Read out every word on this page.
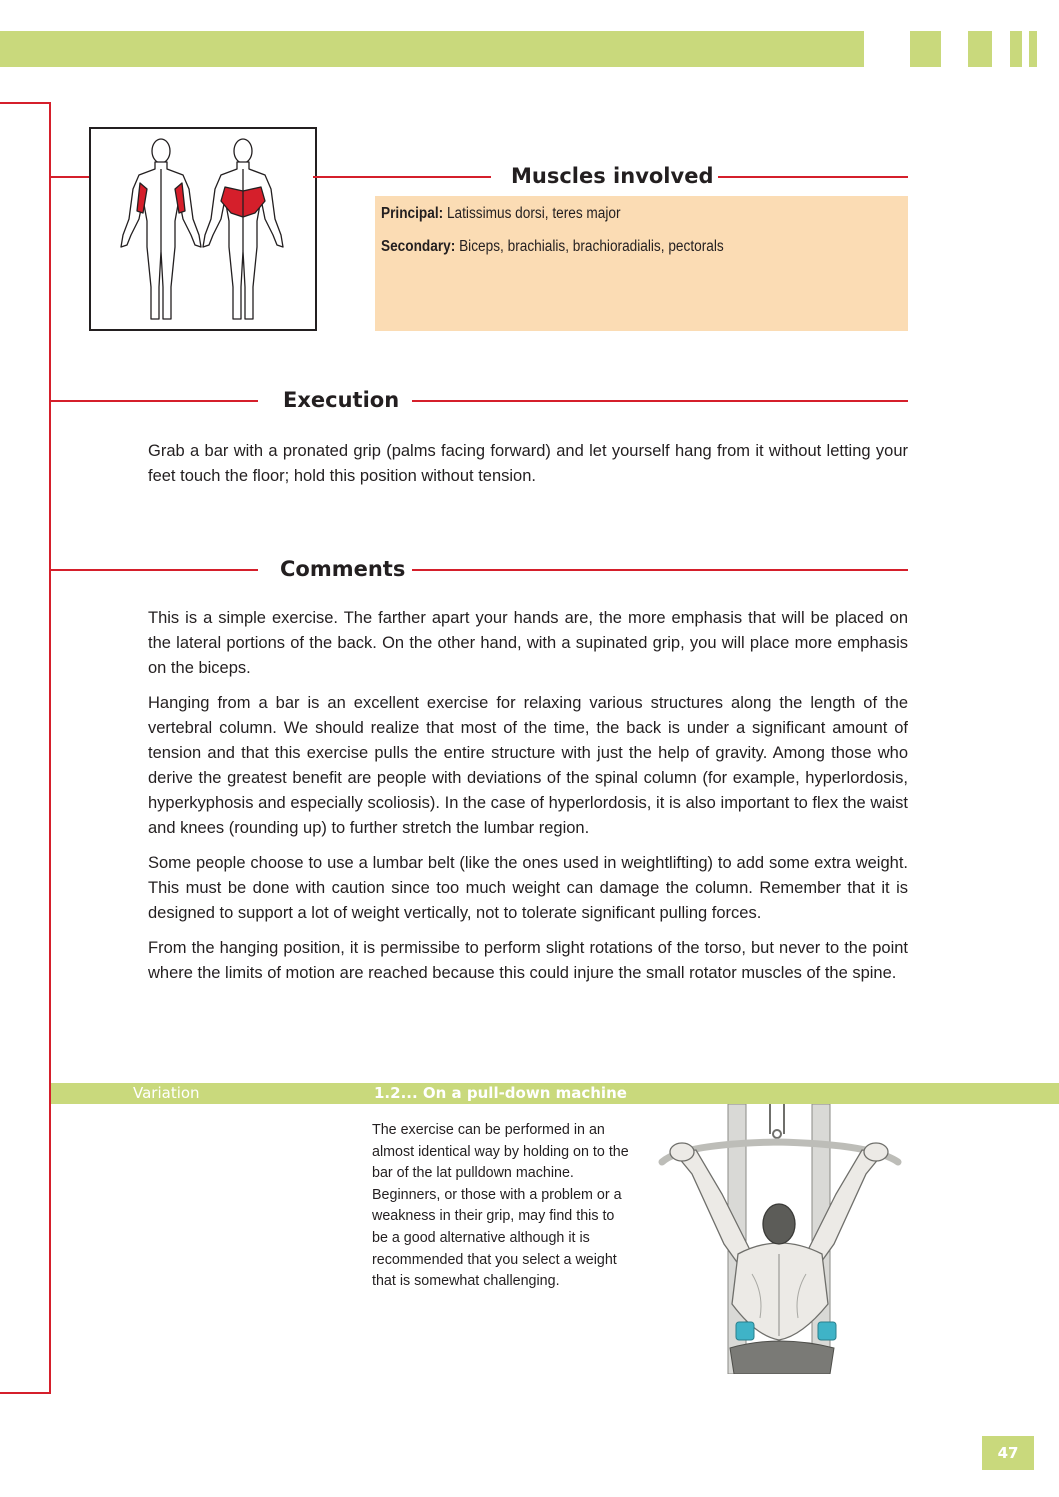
Muscles involved
Principal: Latissimus dorsi, teres major
Secondary: Biceps, brachialis, brachioradialis, pectorals
Execution

Grab a bar with a pronated grip (palms facing forward) and let yourself hang from it without letting your feet touch the floor; hold this position without tension.

Comments

This is a simple exercise. The farther apart your hands are, the more emphasis that will be placed on the lateral portions of the back. On the other hand, with a supinated grip, you will place more emphasis on the biceps.

Hanging from a bar is an excellent exercise for relaxing various structures along the length of the vertebral column. We should realize that most of the time, the back is under a significant amount of tension and that this exercise pulls the entire structure with just the help of gravity. Among those who derive the greatest benefit are people with deviations of the spinal column (for example, hyperlordosis, hyperkyphosis and especially scoliosis). In the case of hyperlordosis, it is also important to flex the waist and knees (rounding up) to further stretch the lumbar region.

Some people choose to use a lumbar belt (like the ones used in weightlifting) to add some extra weight. This must be done with caution since too much weight can damage the column. Remember that it is designed to support a lot of weight vertically, not to tolerate significant pulling forces.

From the hanging position, it is permissibe to perform slight rotations of the torso, but never to the point where the limits of motion are reached because this could injure the small rotator muscles of the spine.

Variation	1.2... On a pull-down machine
The exercise can be performed in an almost identical way by holding on to the bar of the lat pulldown machine. Beginners, or those with a problem or a weakness in their grip, may find this to be a good alternative although it is recommended that you select a weight that is somewhat challenging.
47
